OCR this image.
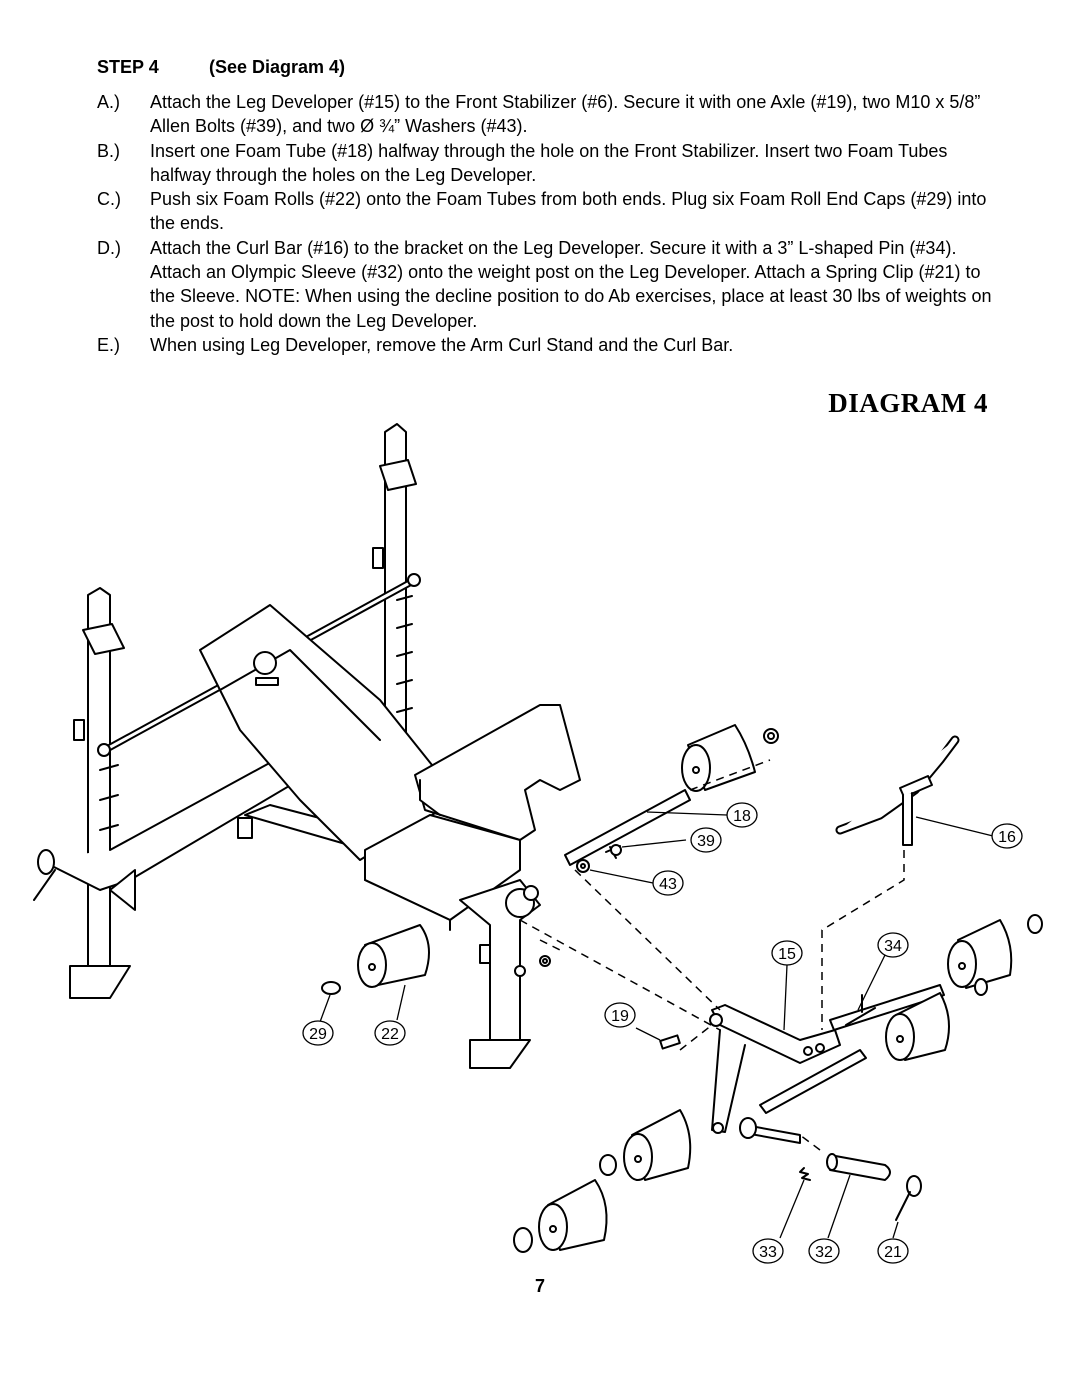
STEP 4	(See Diagram 4)
A.) Attach the Leg Developer (#15) to the Front Stabilizer (#6). Secure it with one Axle (#19), two M10 x 5/8” Allen Bolts (#39), and two Ø ¾” Washers (#43).
B.) Insert one Foam Tube (#18) halfway through the hole on the Front Stabilizer. Insert two Foam Tubes halfway through the holes on the Leg Developer.
C.) Push six Foam Rolls (#22) onto the Foam Tubes from both ends. Plug six Foam Roll End Caps (#29) into the ends.
D.) Attach the Curl Bar (#16) to the bracket on the Leg Developer. Secure it with a 3” L-shaped Pin (#34). Attach an Olympic Sleeve (#32) onto the weight post on the Leg Developer. Attach a Spring Clip (#21) to the Sleeve. NOTE: When using the decline position to do Ab exercises, place at least 30 lbs of weights on the post to hold down the Leg Developer.
E.) When using Leg Developer, remove the Arm Curl Stand and the Curl Bar.
DIAGRAM 4
18
39
43
16
15	34
19
29	22
33 32	21
7
